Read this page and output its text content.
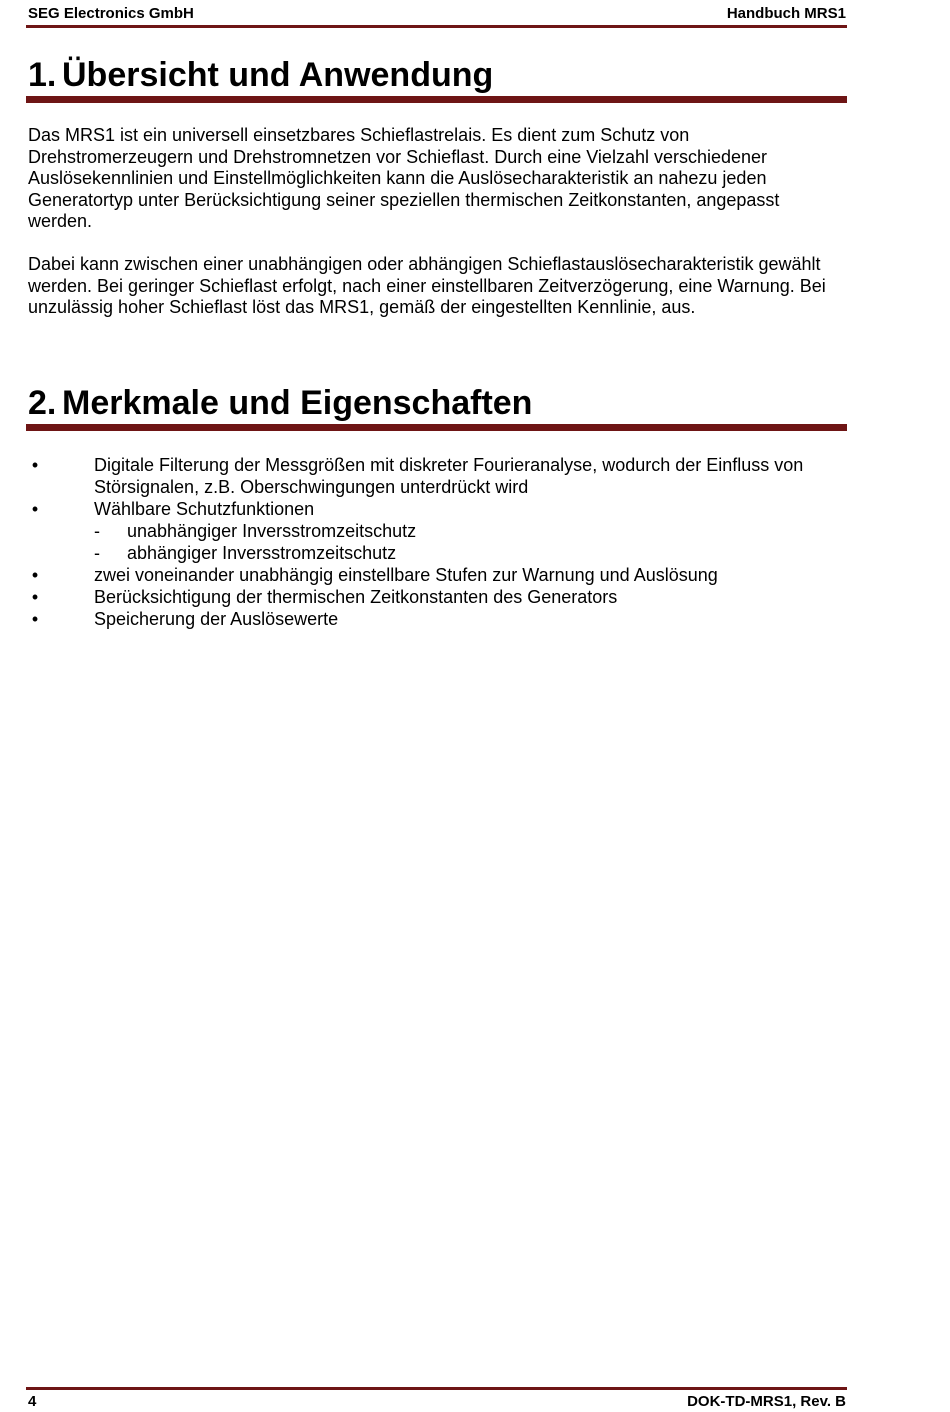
SEG Electronics GmbH	Handbuch MRS1
1. Übersicht und Anwendung

Das MRS1 ist ein universell einsetzbares Schieflastrelais. Es dient zum Schutz von Drehstromerzeugern und Drehstromnetzen vor Schieflast. Durch eine Vielzahl verschiedener Auslösekennlinien und Einstellmöglichkeiten kann die Auslösecharakteristik an nahezu jeden Generatortyp unter Berücksichtigung seiner speziellen thermischen Zeitkonstanten, angepasst werden.

Dabei kann zwischen einer unabhängigen oder abhängigen Schieflastauslösecharakteristik gewählt werden. Bei geringer Schieflast erfolgt, nach einer einstellbaren Zeitverzögerung, eine Warnung. Bei unzulässig hoher Schieflast löst das MRS1, gemäß der eingestellten Kennlinie, aus.

2. Merkmale und Eigenschaften
•	Digitale Filterung der Messgrößen mit diskreter Fourieranalyse, wodurch der Einfluss von Störsignalen, z.B. Oberschwingungen unterdrückt wird
•	Wählbare Schutzfunktionen
- unabhängiger Inversstromzeitschutz
- abhängiger Inversstromzeitschutz
•	zwei voneinander unabhängig einstellbare Stufen zur Warnung und Auslösung
•	Berücksichtigung der thermischen Zeitkonstanten des Generators
•	Speicherung der Auslösewerte
4	DOK-TD-MRS1, Rev. B
